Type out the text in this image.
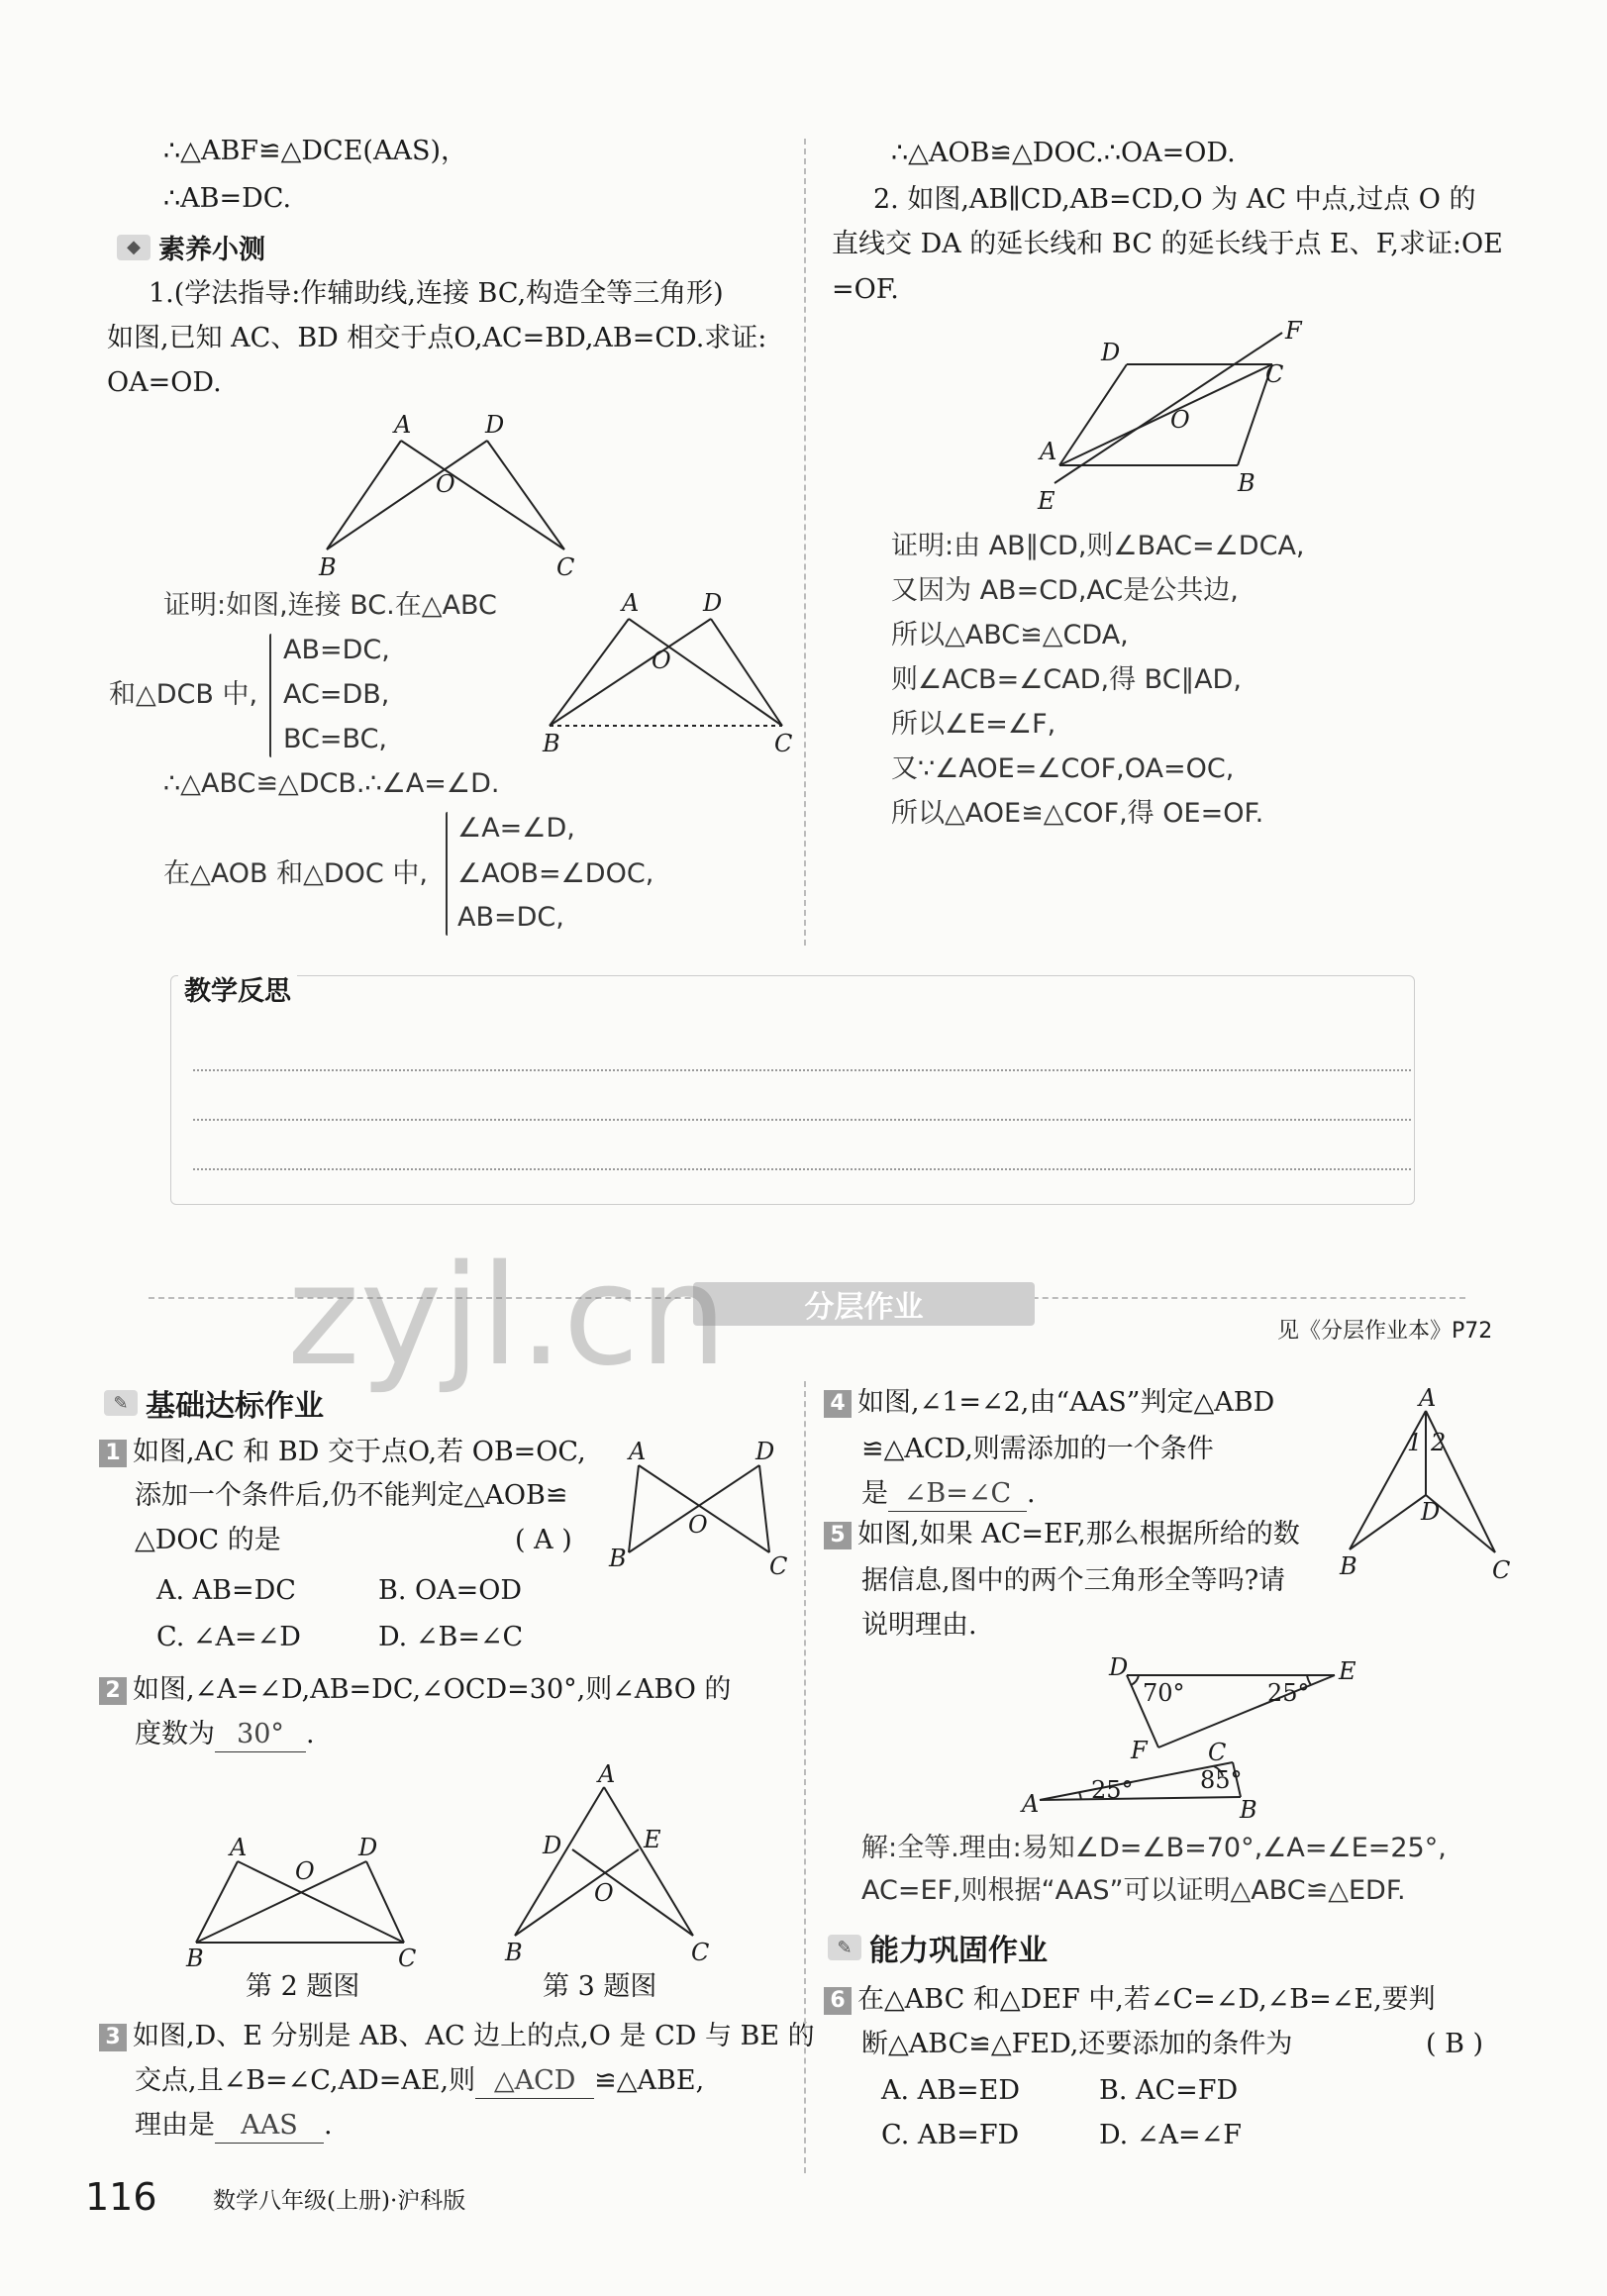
∴△ABF≌△DCE(AAS)，
∴AB=DC.
◆ 素养小测
1.(学法指导:作辅助线,连接 BC,构造全等三角形)
如图,已知 AC、BD 相交于点O,AC=BD,AB=CD.求证:
OA=OD.
A	D
O
B	C
证明:如图,连接 BC.在△ABC
和△DCB 中,
AB=DC,
AC=DB,
BC=BC,
A	D
O
B	C
∴△ABC≌△DCB.∴∠A=∠D.
在△AOB 和△DOC 中,
∠A=∠D,
∠AOB=∠DOC,
AB=DC,
∴△AOB≌△DOC.∴OA=OD.
2. 如图,AB∥CD,AB=CD,O 为 AC 中点,过点 O 的
直线交 DA 的延长线和 BC 的延长线于点 E、F,求证:OE
=OF.
D
F
C
O
A
B
E
证明:由 AB∥CD,则∠BAC=∠DCA,
又因为 AB=CD,AC是公共边,
所以△ABC≌△CDA,
则∠ACB=∠CAD,得 BC∥AD,
所以∠E=∠F,
又∵∠AOE=∠COF,OA=OC,
所以△AOE≌△COF,得 OE=OF.
教学反思
分层作业
见《分层作业本》P72
zyjl.cn
✎ 基础达标作业
1 如图,AC 和 BD 交于点O,若 OB=OC,
添加一个条件后,仍不能判定△AOB≌
△DOC 的是	( A )
A. AB=DC	B. OA=OD
C. ∠A=∠D	D. ∠B=∠C
A	D
O
B	C
2 如图,∠A=∠D,AB=DC,∠OCD=30°,则∠ABO 的
度数为 30° .
A	D
O
B	C
第 2 题图
A
D	E
O
B	C
第 3 题图
3 如图,D、E 分别是 AB、AC 边上的点,O 是 CD 与 BE 的
交点,且∠B=∠C,AD=AE,则 △ACD ≌△ABE,
理由是 AAS .
4 如图,∠1=∠2,由“AAS”判定△ABD
≌△ACD,则需添加的一个条件
是 ∠B=∠C .
A
1 2
D
B	C
5 如图,如果 AC=EF,那么根据所给的数
据信息,图中的两个三角形全等吗?请
说明理由.
D
70°	25°
E
F	C
85°
25°
A	B
解:全等.理由:易知∠D=∠B=70°,∠A=∠E=25°,
AC=EF,则根据“AAS”可以证明△ABC≌△EDF.
✎ 能力巩固作业
6 在△ABC 和△DEF 中,若∠C=∠D,∠B=∠E,要判
断△ABC≌△FED,还要添加的条件为	( B )
A. AB=ED	B. AC=FD
C. AB=FD	D. ∠A=∠F
116 数学八年级(上册)·沪科版
